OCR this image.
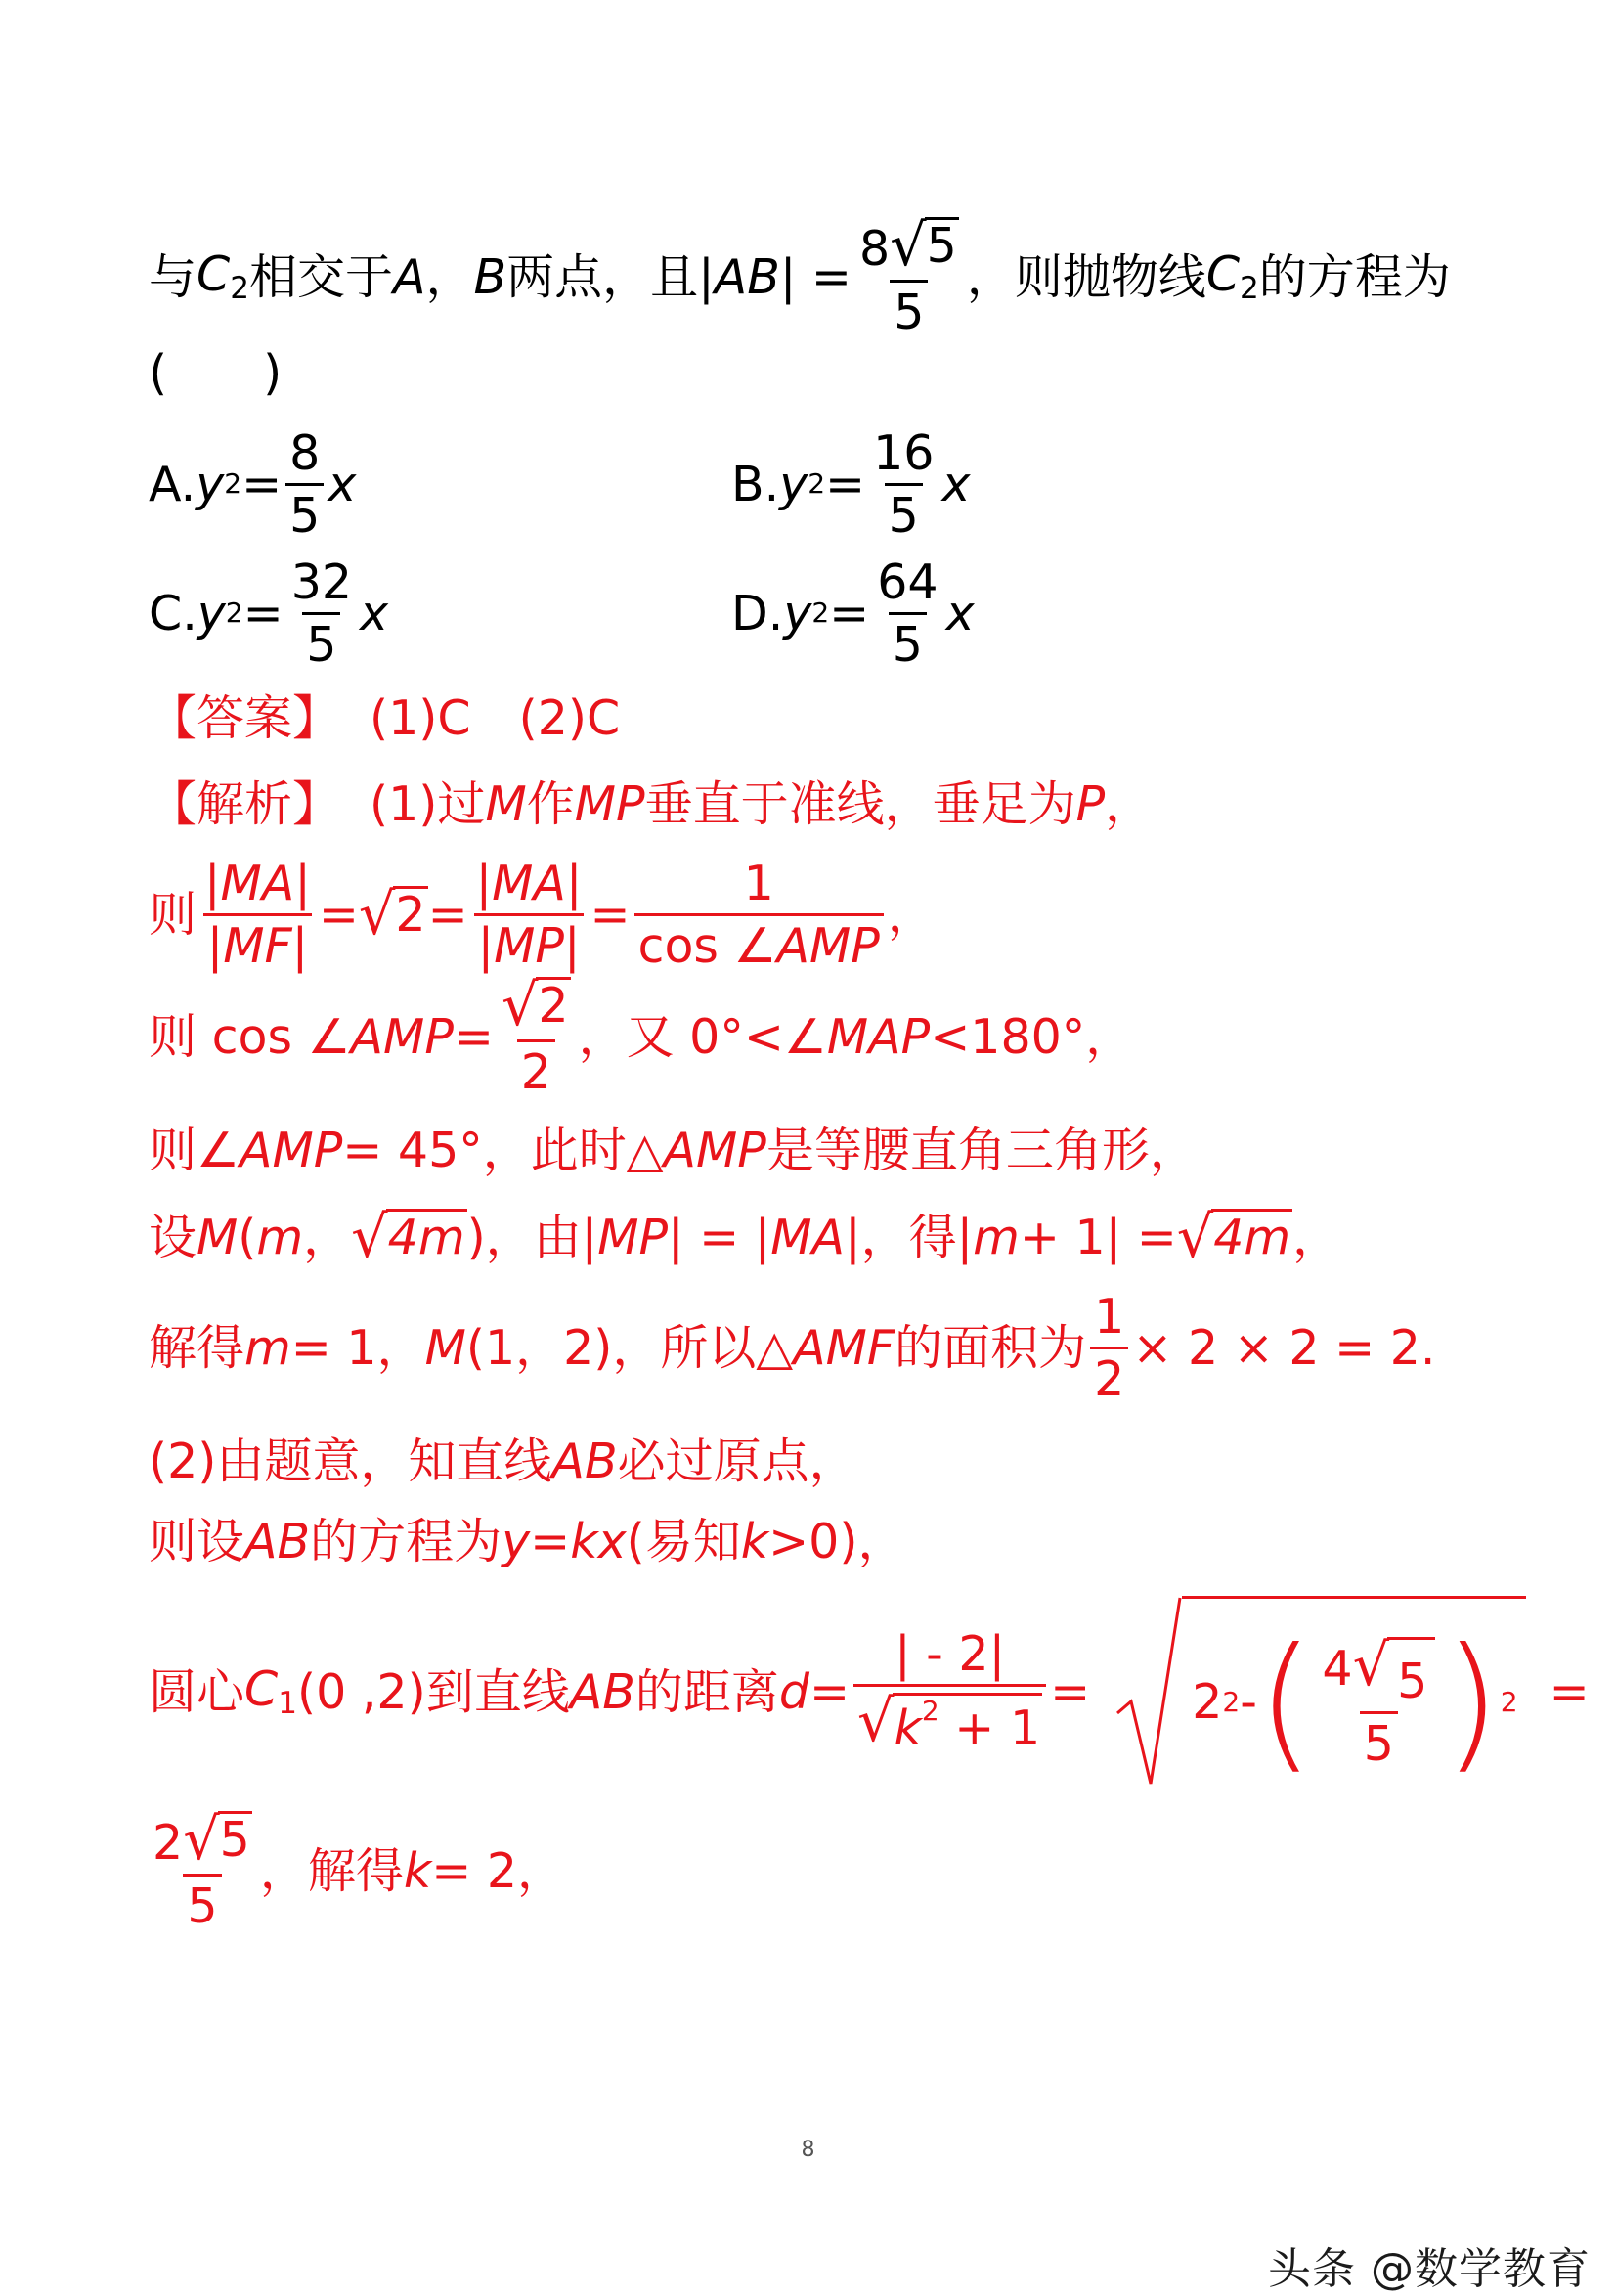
与 $C_2$ 相交于 A ， B 两点，且| AB | = $\frac{8 √ 5}{5}$ ，则抛物线 $C_2$ 的方程为
(　　)
A. y $2 = \frac{8}{5}$ x	B. y $2 = \frac{16}{5}$ x
C. y $2 = \frac{32}{5}$ x	D. y $2 = \frac{64}{5}$ x
【答案】 (1)C　(2)C
【解析】 (1)过 M 作 MP 垂直于准线，垂足为 P ，
则 $\frac{|MA|}{|MF|}$ = √ $2 = \frac{|MA|}{|MP|} = \frac{1}{\text{cos ∠AMP}}$ ，
则 cos ∠ AMP = $\frac{√ 2}{2}$ ，又 0°<∠ MAP <180°，
则∠ AMP = 45°，此时△ AMP 是等腰直角三角形，
设 M ( m ， √ 4m )，由| MP | = | MA |，得| m + 1| = √ 4m ，
解得 m = 1， M (1，2)，所以△ AMF 的面积为 $\frac{1}{2} \times 2 \times 2 = 2$.
(2)由题意，知直线 AB 必过原点，
则设 AB 的方程为 y = kx (易知 k >0)，
圆心 $C_1$ (0 ,2)到直线 AB 的距离 $d = \frac{| - 2|}{√ k^2 + 1} = 2$ 2 - ( $\frac{4 √ 5}{5}$ ) 2 =
$\frac{2 √ 5}{5}$ ，解得 k = 2，
8
头条 @数学教育
